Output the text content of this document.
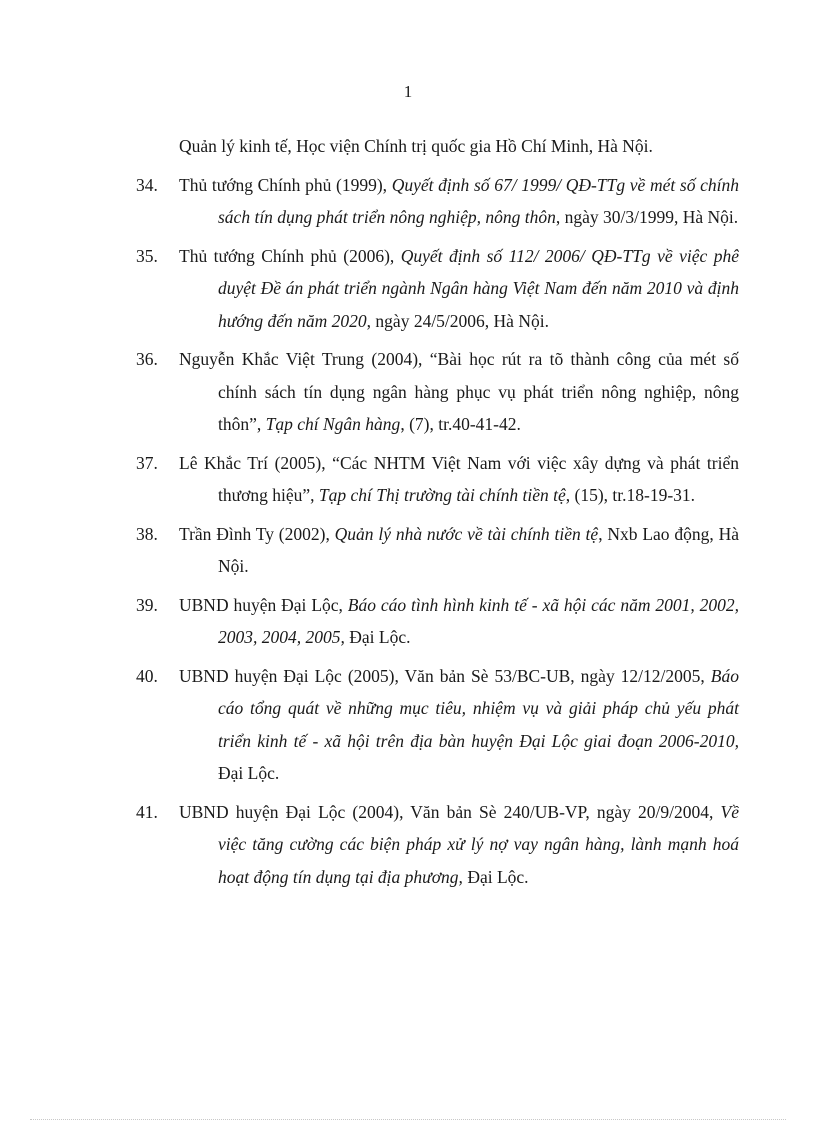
1
Quản lý kinh tế, Học viện Chính trị quốc gia Hồ Chí Minh, Hà Nội.
34. Thủ tướng Chính phủ (1999), Quyết định số 67/ 1999/ QĐ-TTg về mét số chính sách tín dụng phát triển nông nghiệp, nông thôn, ngày 30/3/1999, Hà Nội.
35. Thủ tướng Chính phủ (2006), Quyết định số 112/ 2006/ QĐ-TTg về việc phê duyệt Đề án phát triển ngành Ngân hàng Việt Nam đến năm 2010 và định hướng đến năm 2020, ngày 24/5/2006, Hà Nội.
36. Nguyễn Khắc Việt Trung (2004), “Bài học rút ra tõ thành công của mét số chính sách tín dụng ngân hàng phục vụ phát triển nông nghiệp, nông thôn”, Tạp chí Ngân hàng, (7), tr.40-41-42.
37. Lê Khắc Trí (2005), “Các NHTM Việt Nam với việc xây dựng và phát triển thương hiệu”, Tạp chí Thị trường tài chính tiền tệ, (15), tr.18-19-31.
38. Trần Đình Ty (2002), Quản lý nhà nước về tài chính tiền tệ, Nxb Lao động, Hà Nội.
39. UBND huyện Đại Lộc, Báo cáo tình hình kinh tế - xã hội các năm 2001, 2002, 2003, 2004, 2005, Đại Lộc.
40. UBND huyện Đại Lộc (2005), Văn bản Sè 53/BC-UB, ngày 12/12/2005, Báo cáo tổng quát về những mục tiêu, nhiệm vụ và giải pháp chủ yếu phát triển kinh tế - xã hội trên địa bàn huyện Đại Lộc giai đoạn 2006-2010, Đại Lộc.
41. UBND huyện Đại Lộc (2004), Văn bản Sè 240/UB-VP, ngày 20/9/2004, Về việc tăng cường các biện pháp xử lý nợ vay ngân hàng, lành mạnh hoá hoạt động tín dụng tại địa phương, Đại Lộc.
